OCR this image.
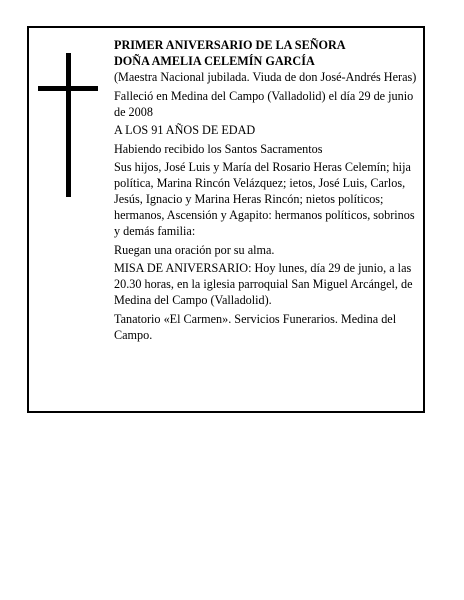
PRIMER ANIVERSARIO DE LA SEÑORA

DOÑA AMELIA CELEMÍN GARCÍA

(Maestra Nacional jubilada. Viuda de don José-Andrés Heras)

Falleció en Medina del Campo (Valladolid) el día 29 de junio de 2008

A LOS 91 AÑOS DE EDAD

Habiendo recibido los Santos Sacramentos

Sus hijos, José Luis y María del Rosario Heras Celemín; hija política, Marina Rincón Velázquez; ietos, José Luis, Carlos, Jesús, Ignacio y Marina Heras Rincón; nietos políticos; hermanos, Ascensión y Agapito: hermanos políticos, sobrinos y demás familia:

Ruegan una oración por su alma.

MISA DE ANIVERSARIO: Hoy lunes, día 29 de junio, a las 20.30 horas, en la iglesia parroquial San Miguel Arcángel, de Medina del Campo (Valladolid).

Tanatorio «El Carmen». Servicios Funerarios. Medina del Campo.
